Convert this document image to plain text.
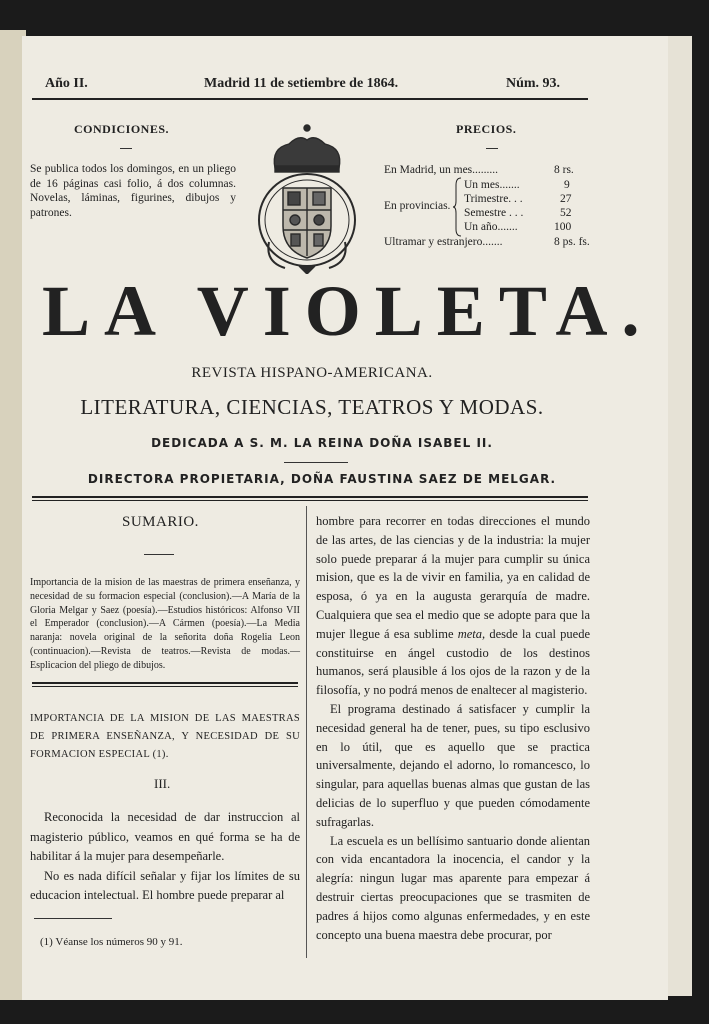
Año II.	Madrid 11 de setiembre de 1864.	Núm. 93.
CONDICIONES.
Se publica todos los domingos, en un pliego de 16 páginas casi folio, á dos columnas. Novelas, láminas, figurines, dibujos y patrones.
PRECIOS.
En Madrid, un mes.........	8 rs.
En provincias.
Un mes.......	9
Trimestre. . .	27
Semestre . . .	52
Un año.......	100
Ultramar y estranjero.......	8 ps. fs.
LA VIOLETA.
REVISTA HISPANO-AMERICANA.
LITERATURA, CIENCIAS, TEATROS Y MODAS.
DEDICADA A S. M. LA REINA DOÑA ISABEL II.
DIRECTORA PROPIETARIA, DOÑA FAUSTINA SAEZ DE MELGAR.
SUMARIO.
Importancia de la mision de las maestras de primera enseñanza, y necesidad de su formacion especial (conclusion).—A María de la Gloria Melgar y Saez (poesía).—Estudios históricos: Alfonso VII el Emperador (conclusion).—A Cármen (poesía).—La Media naranja: novela original de la señorita doña Rogelia Leon (continuacion).—Revista de teatros.—Revista de modas.—Esplicacion del pliego de dibujos.
IMPORTANCIA DE LA MISION DE LAS MAESTRAS DE PRIMERA ENSEÑANZA, Y NECESIDAD DE SU FORMACION ESPECIAL (1).
III.

Reconocida la necesidad de dar instruccion al magisterio público, veamos en qué forma se ha de habilitar á la mujer para desempeñarle.

No es nada difícil señalar y fijar los límites de su educacion intelectual. El hombre puede preparar al

(1) Véanse los números 90 y 91.

hombre para recorrer en todas direcciones el mundo de las artes, de las ciencias y de la industria: la mujer solo puede preparar á la mujer para cumplir su única mision, que es la de vivir en familia, ya en calidad de esposa, ó ya en la augusta gerarquía de madre. Cualquiera que sea el medio que se adopte para que la mujer llegue á esa sublime meta, desde la cual puede constituirse en ángel custodio de los destinos humanos, será plausible á los ojos de la razon y de la filosofía, y no podrá menos de enaltecer al magisterio.

El programa destinado á satisfacer y cumplir la necesidad general ha de tener, pues, su tipo esclusivo en lo útil, que es aquello que se practica universalmente, dejando el adorno, lo romancesco, lo singular, para aquellas buenas almas que gustan de las delicias de lo superfluo y que pueden cómodamente sufragarlas.

La escuela es un bellísimo santuario donde alientan con vida encantadora la inocencia, el candor y la alegría: ningun lugar mas aparente para empezar á destruir ciertas preocupaciones que se trasmiten de padres á hijos como algunas enfermedades, y en este concepto una buena maestra debe procurar, por
